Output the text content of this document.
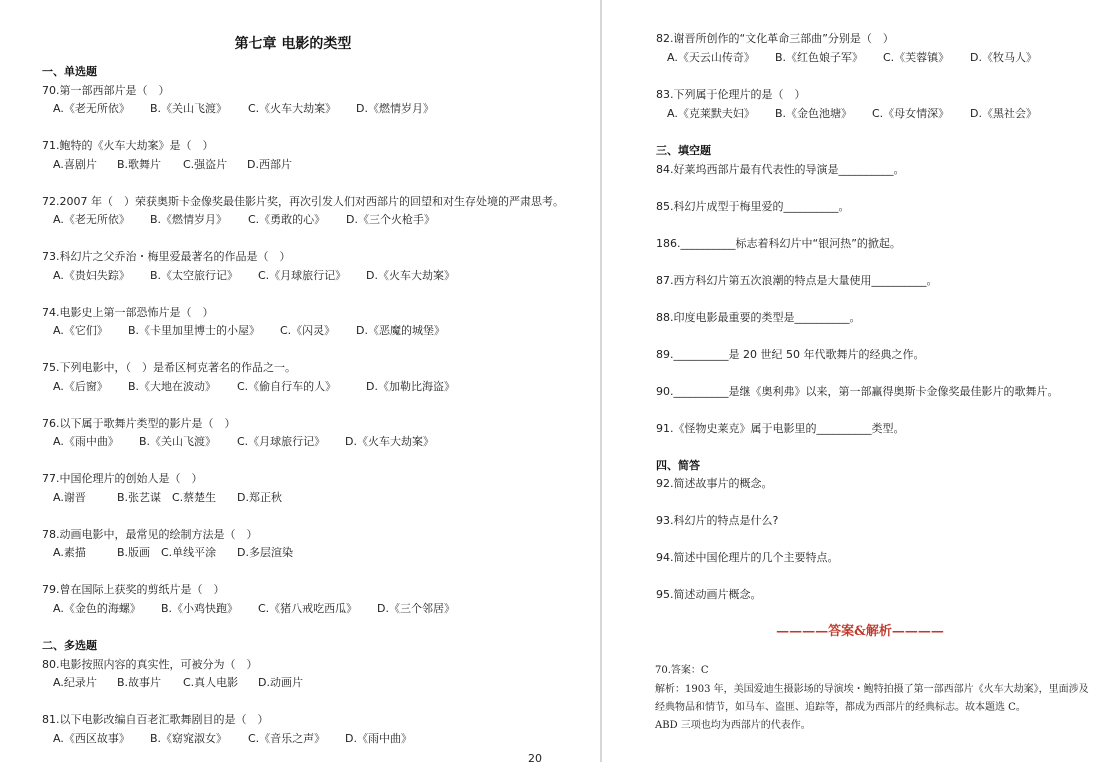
第七章 电影的类型
一、单选题
70.第一部西部片是（　）
A.《老无所依》 B.《关山飞渡》 C.《火车大劫案》 D.《燃情岁月》
71.鲍特的《火车大劫案》是（　）
A.喜剧片 B.歌舞片 C.强盗片 D.西部片
72.2007 年（　）荣获奥斯卡金像奖最佳影片奖，再次引发人们对西部片的回望和对生存处境的严肃思考。
A.《老无所依》 B.《燃情岁月》 C.《勇敢的心》 D.《三个火枪手》
73.科幻片之父乔治・梅里爱最著名的作品是（　）
A.《贵妇失踪》 B.《太空旅行记》 C.《月球旅行记》 D.《火车大劫案》
74.电影史上第一部恐怖片是（　）
A.《它们》 B.《卡里加里博士的小屋》 C.《闪灵》 D.《恶魔的城堡》
75.下列电影中，（　）是希区柯克著名的作品之一。
A.《后窗》 B.《大地在波动》 C.《偷自行车的人》	D.《加勒比海盗》
76.以下属于歌舞片类型的影片是（　）
A.《雨中曲》 B.《关山飞渡》 C.《月球旅行记》 D.《火车大劫案》
77.中国伦理片的创始人是（　）
A.谢晋	B.张艺谋 C.蔡楚生 D.郑正秋
78.动画电影中，最常见的绘制方法是（　）
A.素描	B.版画 C.单线平涂 D.多层渲染
79.曾在国际上获奖的剪纸片是（　）
A.《金色的海螺》 B.《小鸡快跑》 C.《猪八戒吃西瓜》 D.《三个邻居》
二、多选题
80.电影按照内容的真实性，可被分为（　）
A.纪录片 B.故事片 C.真人电影 D.动画片
81.以下电影改编自百老汇歌舞剧目的是（　）
A.《西区故事》 B.《窈窕淑女》 C.《音乐之声》 D.《雨中曲》
20
82.谢晋所创作的“文化革命三部曲”分别是（　）
A.《天云山传奇》 B.《红色娘子军》 C.《芙蓉镇》 D.《牧马人》
83.下列属于伦理片的是（　）
A.《克莱默夫妇》 B.《金色池塘》 C.《母女情深》 D.《黑社会》
三、填空题
84.好莱坞西部片最有代表性的导演是__________。
85.科幻片成型于梅里爱的__________。
186.__________标志着科幻片中“银河热”的掀起。
87.西方科幻片第五次浪潮的特点是大量使用__________。
88.印度电影最重要的类型是__________。
89.__________是 20 世纪 50 年代歌舞片的经典之作。
90.__________是继《奥利弗》以来，第一部赢得奥斯卡金像奖最佳影片的歌舞片。
91.《怪物史莱克》属于电影里的__________类型。
四、简答
92.简述故事片的概念。
93.科幻片的特点是什么?
94.简述中国伦理片的几个主要特点。
95.简述动画片概念。
————答案&解析————
70.答案：C
解析：1903 年，美国爱迪生摄影场的导演埃・鲍特拍摄了第一部西部片《火车大劫案》，里面涉及
经典物品和情节，如马车、盗匪、追踪等，都成为西部片的经典标志。故本题选 C。
ABD 三项也均为西部片的代表作。
